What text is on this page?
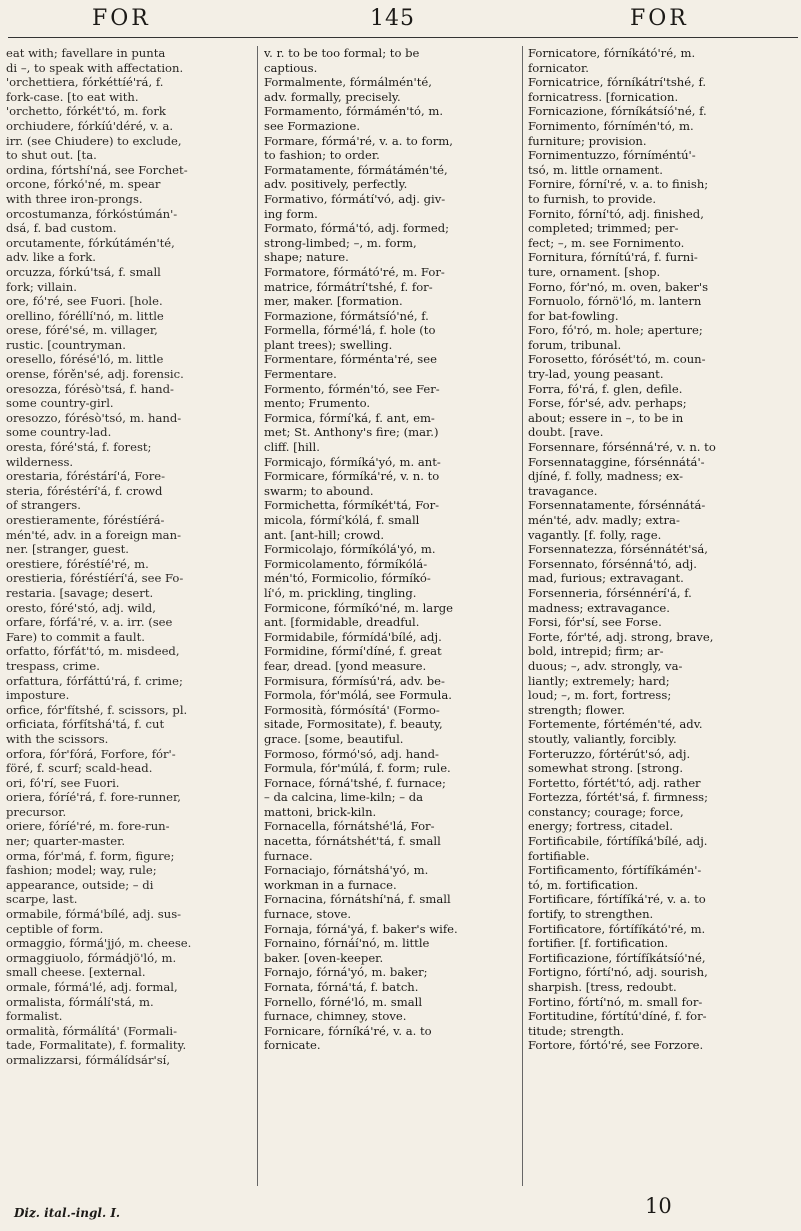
FOR	145	FOR
eat with; favellare in punta
di –, to speak with affectation.
'orchettiera, fórkéttíé'rá, f.
fork-case. [to eat with.
'orchetto, fórkét'tó, m. fork
orchiudere, fórkíú'déré, v. a.
irr. (see Chiudere) to exclude,
to shut out. [ta.
ordina, fórtshí'ná, see Forchet-
orcone, fórkó'né, m. spear
with three iron-prongs.
orcostumanza, fórkóstúmán'-
dsá, f. bad custom.
orcutamente, fórkútámén'té,
adv. like a fork.
orcuzza, fórkú'tsá, f. small
fork; villain.
ore, fó'ré, see Fuori. [hole.
orellino, fóréllí'nó, m. little
orese, fóré'sé, m. villager,
rustic. [countryman.
oresello, fórésé'ló, m. little
orense, fórěn'sé, adj. forensic.
oresozza, fórésò'tsá, f. hand-
some country-girl.
oresozzo, fórésò'tsó, m. hand-
some country-lad.
oresta, fóré'stá, f. forest;
wilderness.
orestaria, fóréstárí'á, Fore-
steria, fóréstérí'á, f. crowd
of strangers.
orestieramente, fóréstíérá-
mén'té, adv. in a foreign man-
ner. [stranger, guest.
orestiere, fóréstíé'ré, m.
orestieria, fóréstíérí'á, see Fo-
restaria. [savage; desert.
oresto, fóré'stó, adj. wild,
orfare, fórfá'ré, v. a. irr. (see
Fare) to commit a fault.
orfatto, fórfát'tó, m. misdeed,
trespass, crime.
orfattura, fórfáttú'rá, f. crime;
imposture.
orfice, fór'fítshé, f. scissors, pl.
orficiata, fórfítshá'tá, f. cut
with the scissors.
orfora, fór'fórá, Forfore, fór'-
föré, f. scurf; scald-head.
ori, fó'rí, see Fuori.
oriera, fóríé'rá, f. fore-runner,
precursor.
oriere, fóríé'ré, m. fore-run-
ner; quarter-master.
orma, fór'má, f. form, figure;
fashion; model; way, rule;
appearance, outside; – di
scarpe, last.
ormabile, fórmá'bílé, adj. sus-
ceptible of form.
ormaggio, fórmá'jjó, m. cheese.
ormaggiuolo, fórmádjö'ló, m.
small cheese. [external.
ormale, fórmá'lé, adj. formal,
ormalista, fórmálí'stá, m.
formalist.
ormalità, fórmálítá' (Formali-
tade, Formalitate), f. formality.
ormalizzarsi, fórmálídsár'sí,
v. r. to be too formal; to be
captious.
Formalmente, fórmálmén'té,
adv. formally, precisely.
Formamento, fórmámén'tó, m.
see Formazione.
Formare, fórmá'ré, v. a. to form,
to fashion; to order.
Formatamente, fórmátámén'té,
adv. positively, perfectly.
Formativo, fórmátí'vó, adj. giv-
ing form.
Formato, fórmá'tó, adj. formed;
strong-limbed; –, m. form,
shape; nature.
Formatore, fórmátó'ré, m. For-
matrice, fórmátrí'tshé, f. for-
mer, maker. [formation.
Formazione, fórmátsíó'né, f.
Formella, fórmé'lá, f. hole (to
plant trees); swelling.
Formentare, fórménta'ré, see
Fermentare.
Formento, fórmén'tó, see Fer-
mento; Frumento.
Formica, fórmí'ká, f. ant, em-
met; St. Anthony's fire; (mar.)
cliff. [hill.
Formicajo, fórmíká'yó, m. ant-
Formicare, fórmíká'ré, v. n. to
swarm; to abound.
Formichetta, fórmíkét'tá, For-
micola, fórmí'kólá, f. small
ant. [ant-hill; crowd.
Formicolajo, fórmíkólá'yó, m.
Formicolamento, fórmíkólá-
mén'tó, Formicolio, fórmíkó-
lí'ó, m. prickling, tingling.
Formicone, fórmíkó'né, m. large
ant. [formidable, dreadful.
Formidabile, fórmídá'bílé, adj.
Formidine, fórmí'díné, f. great
fear, dread. [yond measure.
Formisura, fórmísú'rá, adv. be-
Formola, fór'mólá, see Formula.
Formosità, fórmósítá' (Formo-
sitade, Formositate), f. beauty,
grace. [some, beautiful.
Formoso, fórmó'só, adj. hand-
Formula, fór'múlá, f. form; rule.
Fornace, fórná'tshé, f. furnace;
– da calcina, lime-kiln; – da
mattoni, brick-kiln.
Fornacella, fórnátshé'lá, For-
nacetta, fórnátshét'tá, f. small
furnace.
Fornaciajo, fórnátshá'yó, m.
workman in a furnace.
Fornacina, fórnátshí'ná, f. small
furnace, stove.
Fornaja, fórná'yá, f. baker's wife.
Fornaino, fórnáí'nó, m. little
baker. [oven-keeper.
Fornajo, fórná'yó, m. baker;
Fornata, fórná'tá, f. batch.
Fornello, fórné'ló, m. small
furnace, chimney, stove.
Fornicare, fórníká'ré, v. a. to
fornicate.
Fornicatore, fórníkátó'ré, m.
fornicator.
Fornicatrice, fórníkátrí'tshé, f.
fornicatress. [fornication.
Fornicazione, fórníkátsíó'né, f.
Fornimento, fórnímén'tó, m.
furniture; provision.
Fornimentuzzo, fórníméntú'-
tsó, m. little ornament.
Fornire, fórní'ré, v. a. to finish;
to furnish, to provide.
Fornito, fórní'tó, adj. finished,
completed; trimmed; per-
fect; –, m. see Fornimento.
Fornitura, fórnítú'rá, f. furni-
ture, ornament. [shop.
Forno, fór'nó, m. oven, baker's
Fornuolo, fórnö'ló, m. lantern
for bat-fowling.
Foro, fó'ró, m. hole; aperture;
forum, tribunal.
Forosetto, fórósét'tó, m. coun-
try-lad, young peasant.
Forra, fó'rá, f. glen, defile.
Forse, fór'sé, adv. perhaps;
about; essere in –, to be in
doubt. [rave.
Forsennare, fórsénná'ré, v. n. to
Forsennataggine, fórsénnátá'-
djíné, f. folly, madness; ex-
travagance.
Forsennatamente, fórsénnátá-
mén'té, adv. madly; extra-
vagantly. [f. folly, rage.
Forsennatezza, fórsénnátét'sá,
Forsennato, fórsénná'tó, adj.
mad, furious; extravagant.
Forsenneria, fórsénnérí'á, f.
madness; extravagance.
Forsi, fór'sí, see Forse.
Forte, fór'té, adj. strong, brave,
bold, intrepid; firm; ar-
duous; –, adv. strongly, va-
liantly; extremely; hard;
loud; –, m. fort, fortress;
strength; flower.
Fortemente, fórtémén'té, adv.
stoutly, valiantly, forcibly.
Forteruzzo, fórtérút'só, adj.
somewhat strong. [strong.
Fortetto, fórtét'tó, adj. rather
Fortezza, fórtét'sá, f. firmness;
constancy; courage; force,
energy; fortress, citadel.
Fortificabile, fórtífíká'bílé, adj.
fortifiable.
Fortificamento, fórtífíkámén'-
tó, m. fortification.
Fortificare, fórtífíká'ré, v. a. to
fortify, to strengthen.
Fortificatore, fórtífíkátó'ré, m.
fortifier. [f. fortification.
Fortificazione, fórtífíkátsíó'né,
Fortigno, fórtí'nó, adj. sourish,
sharpish. [tress, redoubt.
Fortino, fórtí'nó, m. small for-
Fortitudine, fórtítú'díné, f. for-
titude; strength.
Fortore, fórtó'ré, see Forzore.
Diz. ital.-ingl. I.	10
